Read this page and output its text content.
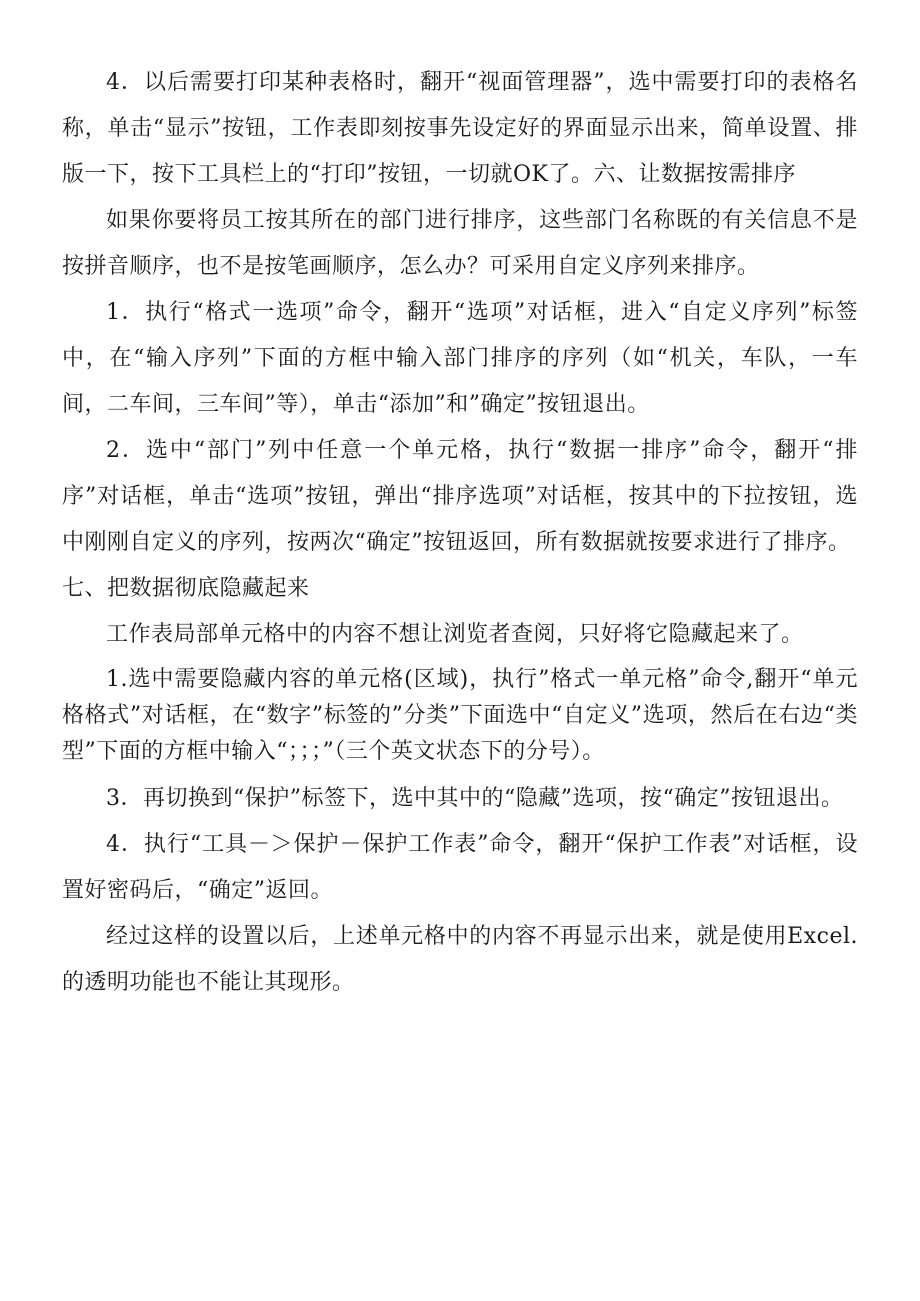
4．以后需要打印某种表格时，翻开“视面管理器”，选中需要打印的表格名称，单击“显示”按钮，工作表即刻按事先设定好的界面显示出来，简单设置、排版一下，按下工具栏上的“打印”按钮，一切就OK了。六、让数据按需排序

如果你要将员工按其所在的部门进行排序，这些部门名称既的有关信息不是按拼音顺序，也不是按笔画顺序，怎么办？可采用自定义序列来排序。

1．执行“格式一选项”命令，翻开“选项”对话框，进入“自定义序列”标签中，在“输入序列”下面的方框中输入部门排序的序列（如“机关，车队，一车间，二车间，三车间”等），单击“添加”和”确定”按钮退出。

2．选中“部门”列中任意一个单元格，执行“数据一排序”命令，翻开“排序”对话框，单击“选项”按钮，弹出“排序选项”对话框，按其中的下拉按钮，选中刚刚自定义的序列，按两次“确定”按钮返回，所有数据就按要求进行了排序。

七、把数据彻底隐藏起来

工作表局部单元格中的内容不想让浏览者查阅，只好将它隐藏起来了。

1.选中需要隐藏内容的单元格(区域)，执行”格式一单元格”命令,翻开“单元格格式”对话框，在“数字”标签的”分类”下面选中“自定义”选项，然后在右边“类型”下面的方框中输入“；；；”（三个英文状态下的分号）。

3．再切换到“保护”标签下，选中其中的“隐藏”选项，按“确定”按钮退出。

4．执行“工具－＞保护－保护工作表”命令，翻开“保护工作表”对话框，设置好密码后，“确定”返回。

经过这样的设置以后，上述单元格中的内容不再显示出来，就是使用Excel.的透明功能也不能让其现形。
